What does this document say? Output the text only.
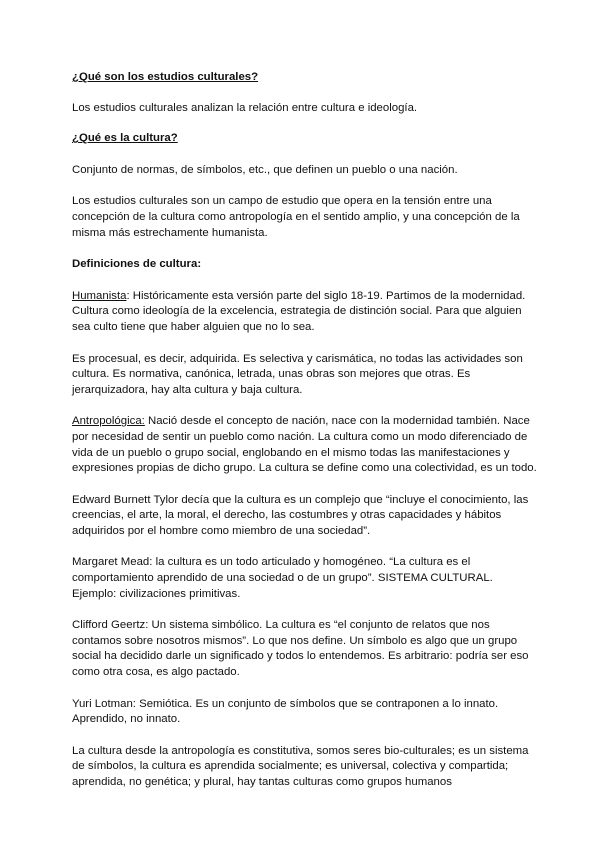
¿Qué son los estudios culturales?

Los estudios culturales analizan la relación entre cultura e ideología.

¿Qué es la cultura?

Conjunto de normas, de símbolos, etc., que definen un pueblo o una nación.

Los estudios culturales son un campo de estudio que opera en la tensión entre una concepción de la cultura como antropología en el sentido amplio, y una concepción de la misma más estrechamente humanista.

Definiciones de cultura:

Humanista: Históricamente esta versión parte del siglo 18-19. Partimos de la modernidad. Cultura como ideología de la excelencia, estrategia de distinción social. Para que alguien sea culto tiene que haber alguien que no lo sea.

Es procesual, es decir, adquirida. Es selectiva y carismática, no todas las actividades son cultura. Es normativa, canónica, letrada, unas obras son mejores que otras. Es jerarquizadora, hay alta cultura y baja cultura.

Antropológica: Nació desde el concepto de nación, nace con la modernidad también. Nace por necesidad de sentir un pueblo como nación. La cultura como un modo diferenciado de vida de un pueblo o grupo social, englobando en el mismo todas las manifestaciones y expresiones propias de dicho grupo. La cultura se define como una colectividad, es un todo.

Edward Burnett Tylor decía que la cultura es un complejo que “incluye el conocimiento, las creencias, el arte, la moral, el derecho, las costumbres y otras capacidades y hábitos adquiridos por el hombre como miembro de una sociedad”.

Margaret Mead: la cultura es un todo articulado y homogéneo. “La cultura es el comportamiento aprendido de una sociedad o de un grupo”. SISTEMA CULTURAL. Ejemplo: civilizaciones primitivas.

Clifford Geertz: Un sistema simbólico. La cultura es “el conjunto de relatos que nos contamos sobre nosotros mismos”. Lo que nos define. Un símbolo es algo que un grupo social ha decidido darle un significado y todos lo entendemos. Es arbitrario: podría ser eso como otra cosa, es algo pactado.

Yuri Lotman: Semiótica. Es un conjunto de símbolos que se contraponen a lo innato. Aprendido, no innato.

La cultura desde la antropología es constitutiva, somos seres bio-culturales; es un sistema de símbolos, la cultura es aprendida socialmente; es universal, colectiva y compartida; aprendida, no genética; y plural, hay tantas culturas como grupos humanos
